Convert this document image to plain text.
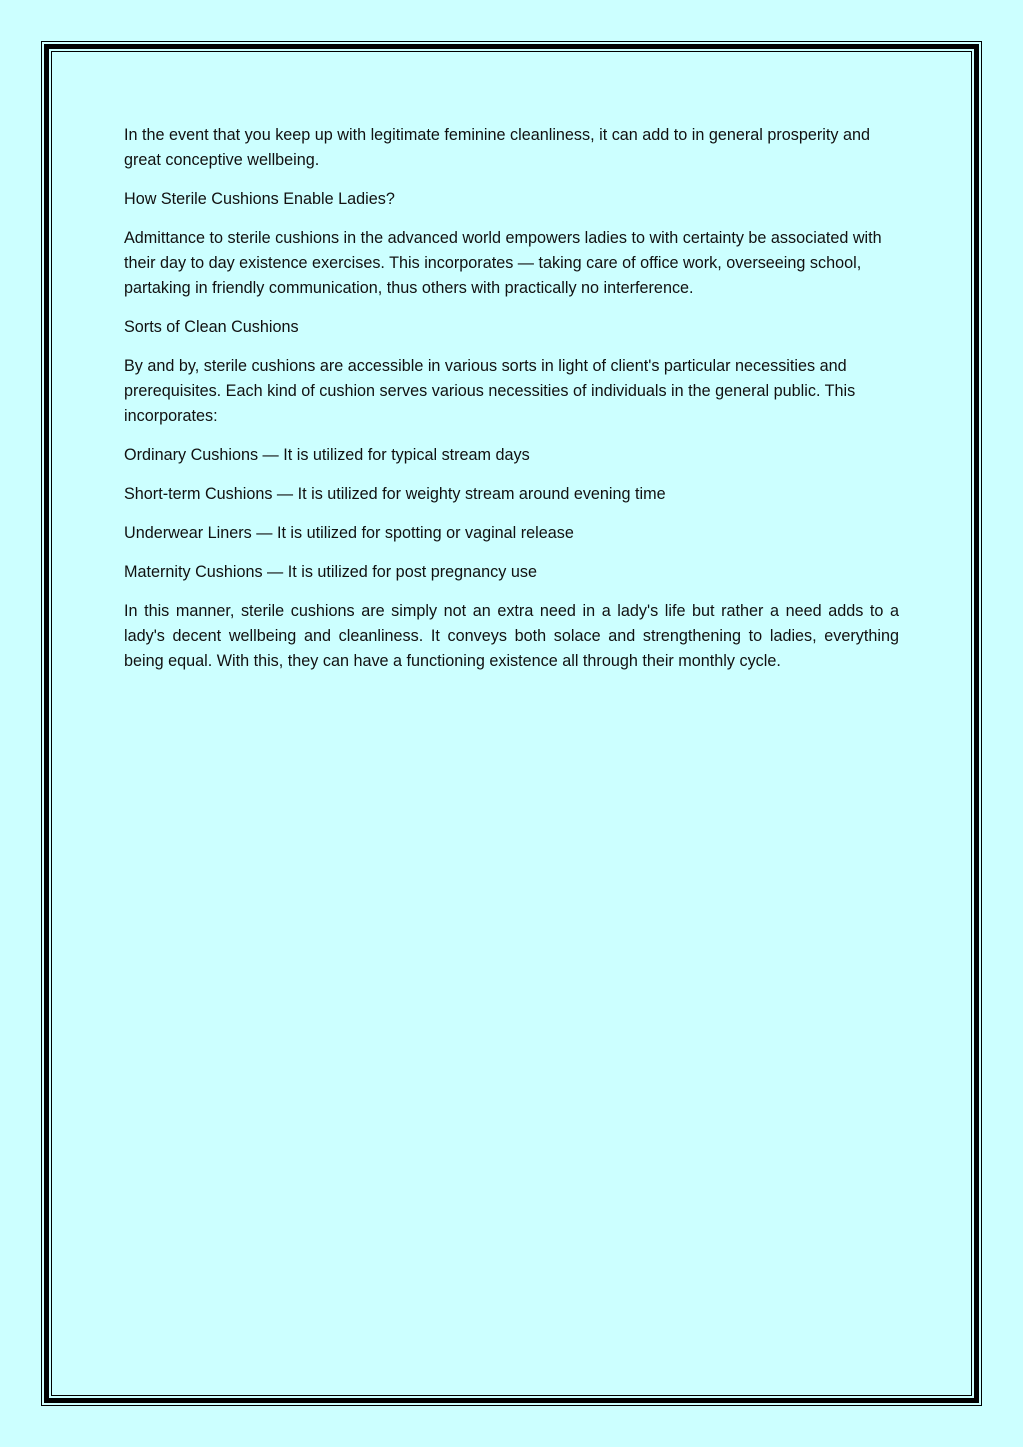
In the event that you keep up with legitimate feminine cleanliness, it can add to in general prosperity and great conceptive wellbeing.

How Sterile Cushions Enable Ladies?

Admittance to sterile cushions in the advanced world empowers ladies to with certainty be associated with their day to day existence exercises. This incorporates — taking care of office work, overseeing school, partaking in friendly communication, thus others with practically no interference.

Sorts of Clean Cushions

By and by, sterile cushions are accessible in various sorts in light of client's particular necessities and prerequisites. Each kind of cushion serves various necessities of individuals in the general public. This incorporates:

Ordinary Cushions — It is utilized for typical stream days

Short-term Cushions — It is utilized for weighty stream around evening time

Underwear Liners — It is utilized for spotting or vaginal release

Maternity Cushions — It is utilized for post pregnancy use

In this manner, sterile cushions are simply not an extra need in a lady's life but rather a need adds to a lady's decent wellbeing and cleanliness. It conveys both solace and strengthening to ladies, everything being equal. With this, they can have a functioning existence all through their monthly cycle.
